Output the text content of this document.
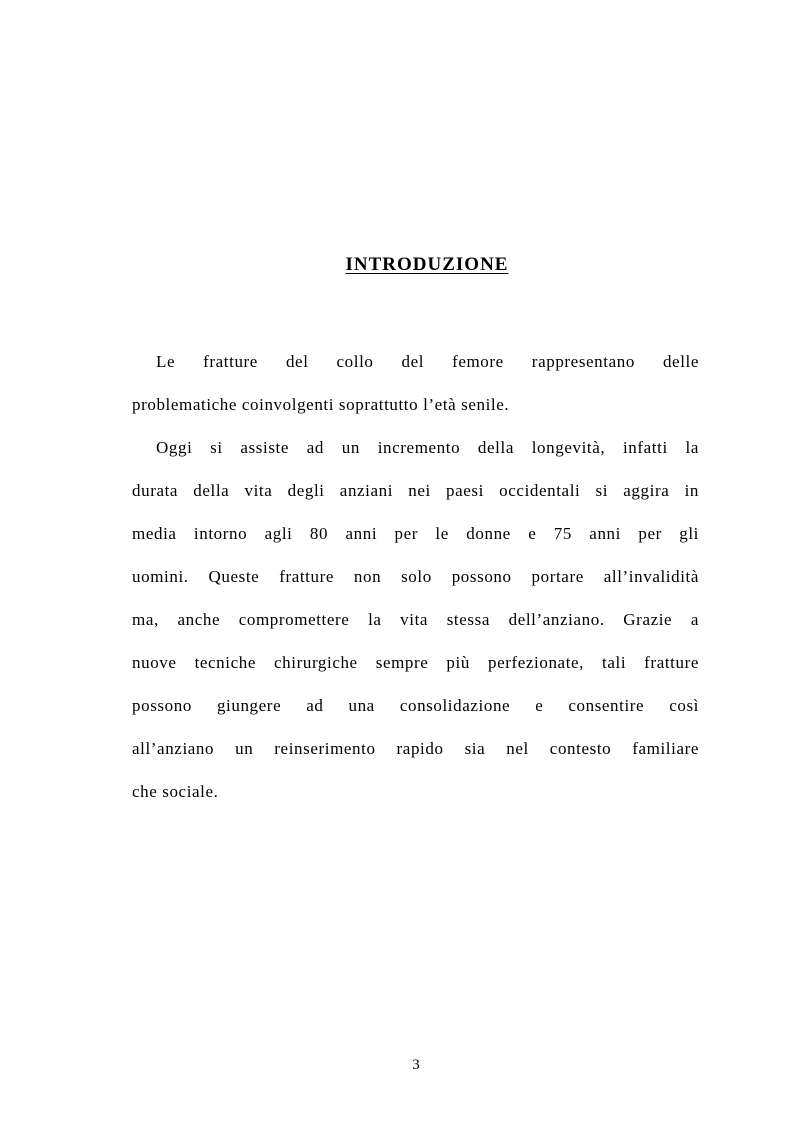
INTRODUZIONE
Le fratture del collo del femore rappresentano delle
problematiche coinvolgenti soprattutto l’età senile.
Oggi si assiste ad un incremento della longevità, infatti la
durata della vita degli anziani nei paesi occidentali si aggira in
media intorno agli 80 anni per le donne e 75 anni per gli
uomini. Queste fratture non solo possono portare all’invalidità
ma, anche compromettere la vita stessa dell’anziano. Grazie a
nuove tecniche chirurgiche sempre più perfezionate, tali fratture
possono giungere ad una consolidazione e consentire così
all’anziano un reinserimento rapido sia nel contesto familiare
che sociale.
3
